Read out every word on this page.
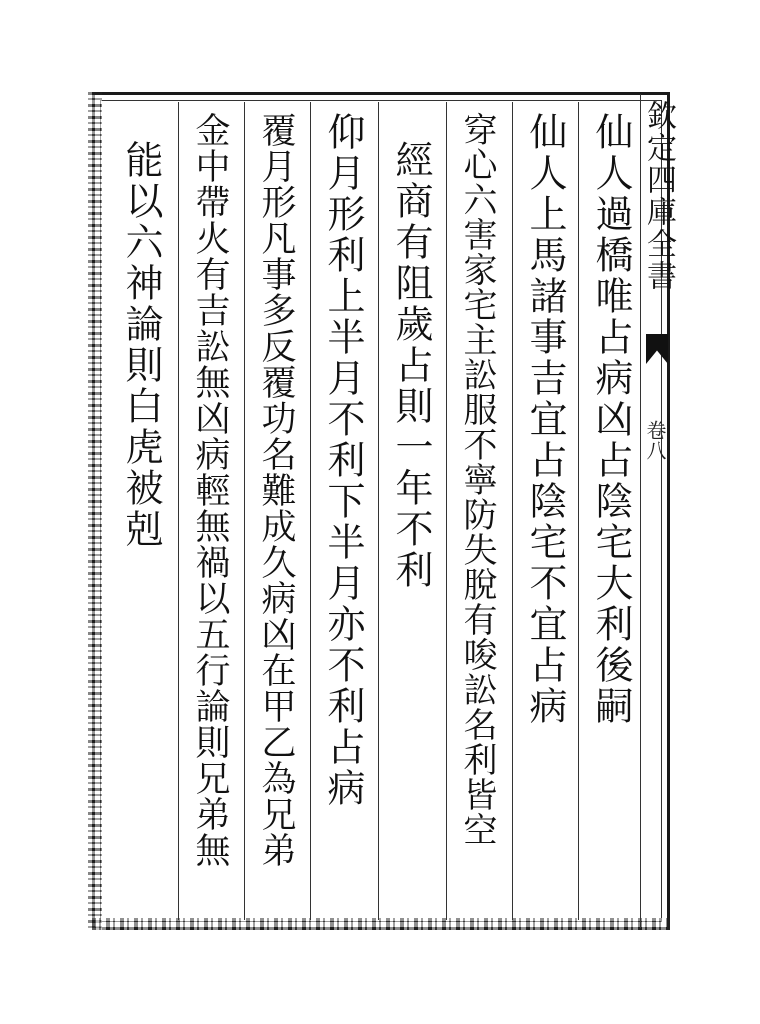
欽定四庫全書
卷八
仙人過橋唯占病凶占陰宅大利後嗣
仙人上馬諸事吉宜占陰宅不宜占病
穿心六害家宅主訟服不寧防失脫有唆訟名利皆空
經商有阻歲占則一年不利
仰月形利上半月不利下半月亦不利占病
覆月形凡事多反覆功名難成久病凶在甲乙為兄弟
金中帶火有吉訟無凶病輕無禍以五行論則兄弟無
能以六神論則白虎被剋
